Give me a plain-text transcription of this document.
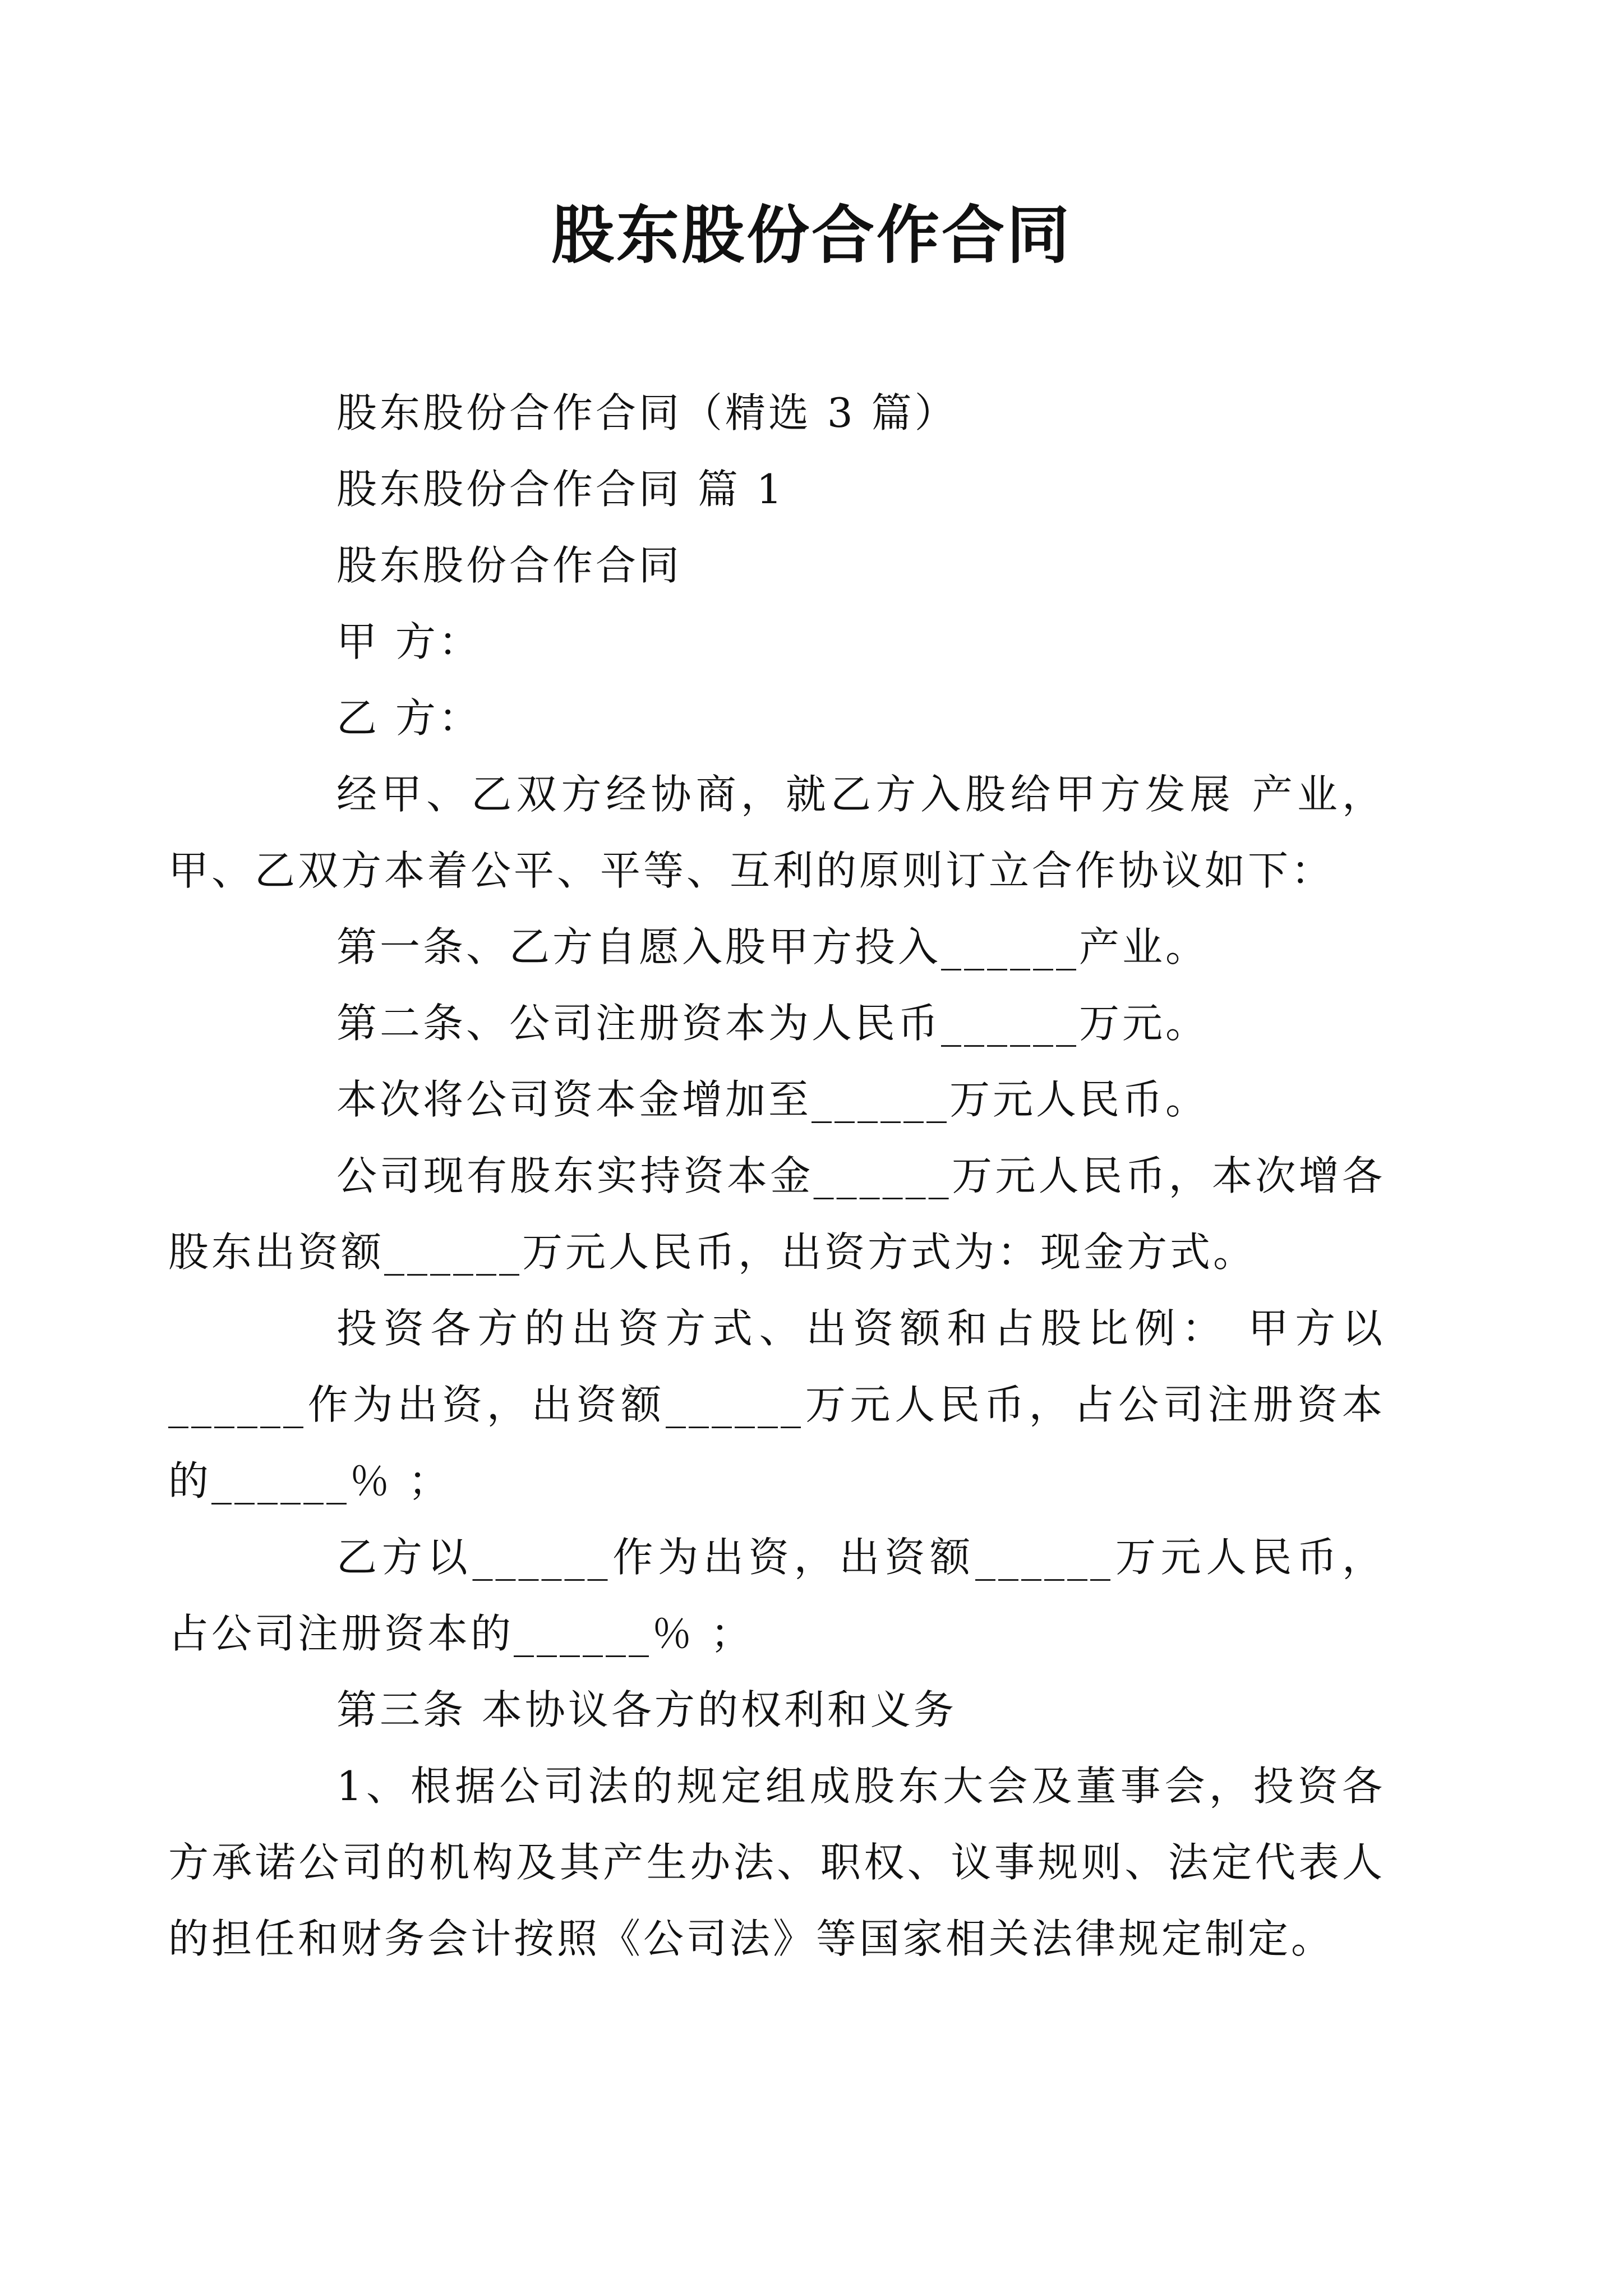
股东股份合作合同

股东股份合作合同（精选 3 篇）

股东股份合作合同 篇 1

股东股份合作合同

甲 方：

乙 方：

经甲、乙双方经协商，就乙方入股给甲方发展 产业，甲、乙双方本着公平、平等、互利的原则订立合作协议如下：

第一条、乙方自愿入股甲方投入______产业。

第二条、公司注册资本为人民币______万元。

本次将公司资本金增加至______万元人民币。

公司现有股东实持资本金______万元人民币，本次增各股东出资额______万元人民币，出资方式为：现金方式。

投资各方的出资方式、出资额和占股比例： 甲方以______作为出资，出资额______万元人民币，占公司注册资本的______％ ；

乙方以______作为出资，出资额______万元人民币，占公司注册资本的______％ ；

第三条 本协议各方的权利和义务

1、根据公司法的规定组成股东大会及董事会，投资各方承诺公司的机构及其产生办法、职权、议事规则、法定代表人的担任和财务会计按照《公司法》等国家相关法律规定制定。
